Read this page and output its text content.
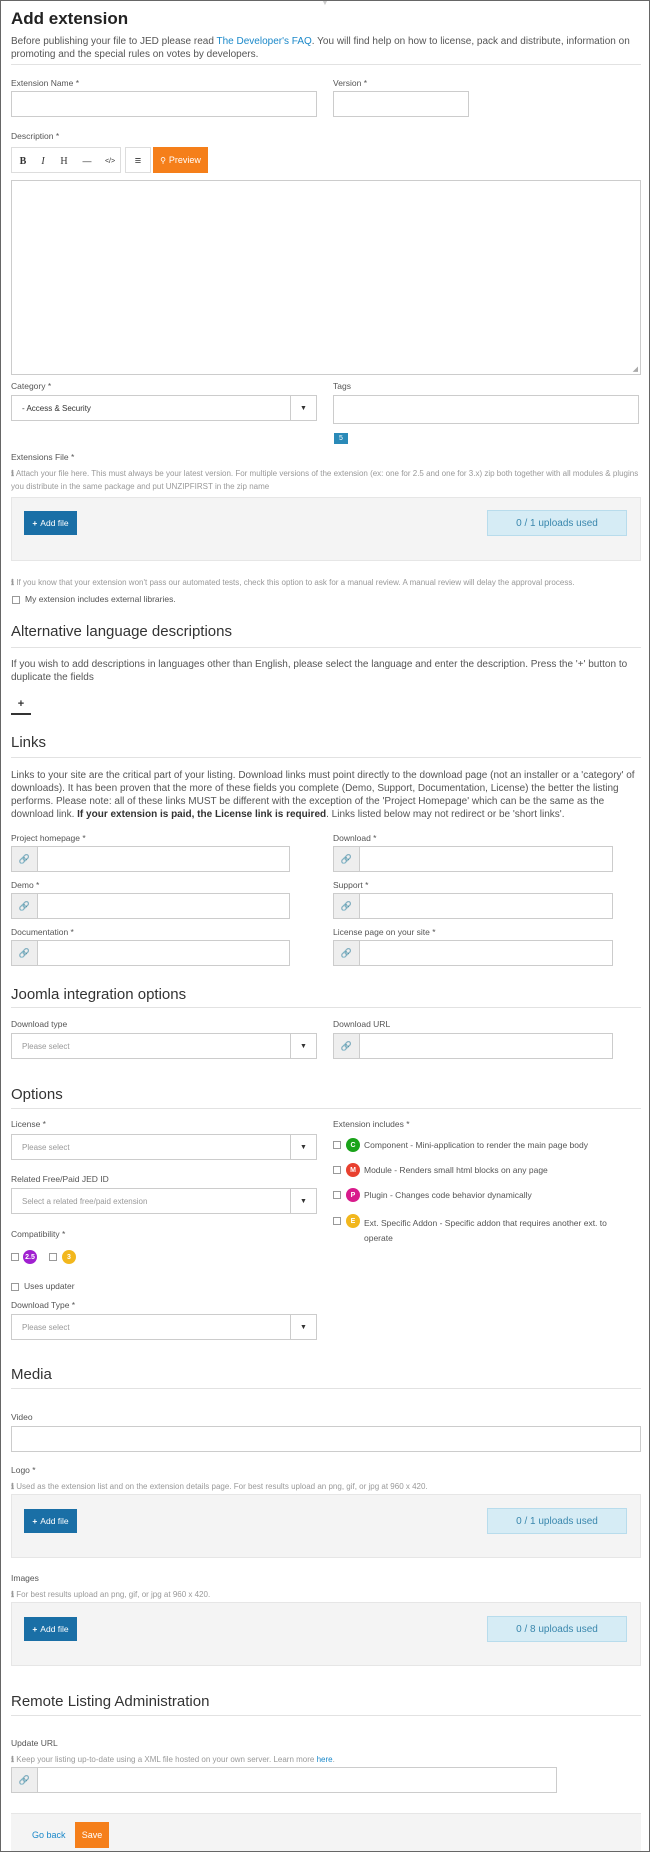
▼
Add extension
Before publishing your file to JED please read The Developer's FAQ. You will find help on how to license, pack and distribute, information on promoting and the special rules on votes by developers.
Extension Name *	Version *
Description *
B	I	H	—	</>	≡	⚲ Preview
◢
Category *
- Access & Security	▼
Tags
5
Extensions File *
ℹ Attach your file here. This must always be your latest version. For multiple versions of the extension (ex: one for 2.5 and one for 3.x) zip both together with all modules & plugins you distribute in the same package and put UNZIPFIRST in the zip name
+ Add file	0 / 1 uploads used
ℹ If you know that your extension won't pass our automated tests, check this option to ask for a manual review. A manual review will delay the approval process.
My extension includes external libraries.
Alternative language descriptions
If you wish to add descriptions in languages other than English, please select the language and enter the description. Press the '+' button to duplicate the fields
+
Links
Links to your site are the critical part of your listing. Download links must point directly to the download page (not an installer or a 'category' of downloads). It has been proven that the more of these fields you complete (Demo, Support, Documentation, License) the better the listing performs. Please note: all of these links MUST be different with the exception of the 'Project Homepage' which can be the same as the download link. If your extension is paid, the License link is required. Links listed below may not redirect or be 'short links'.
Project homepage *
🔗
Download *
🔗
Demo *
🔗
Support *
🔗
Documentation *
🔗
License page on your site *
🔗
Joomla integration options
Download type
Please select	▼
Download URL
🔗
Options
License *
Please select	▼
Related Free/Paid JED ID
Select a related free/paid extension	▼
Compatibility *
2.5	3
Uses updater
Download Type *
Please select	▼
Extension includes *
C Component - Mini-application to render the main page body
M Module - Renders small html blocks on any page
P	Plugin - Changes code behavior dynamically
E	Ext. Specific Addon - Specific addon that requires another ext. to operate
Media
Video
Logo *
ℹ Used as the extension list and on the extension details page. For best results upload an png, gif, or jpg at 960 x 420.
+ Add file	0 / 1 uploads used
Images
ℹ For best results upload an png, gif, or jpg at 960 x 420.
+ Add file	0 / 8 uploads used
Remote Listing Administration
Update URL
ℹ Keep your listing up-to-date using a XML file hosted on your own server. Learn more here.
🔗
Go back	Save
